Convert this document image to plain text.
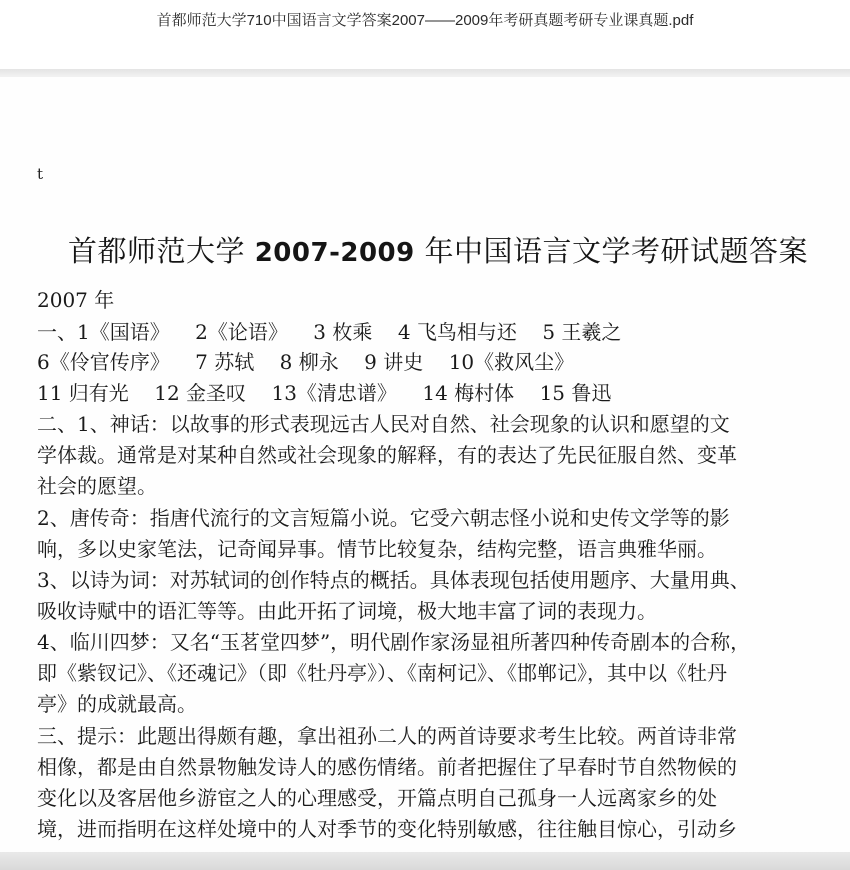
首都师范大学710中国语言文学答案2007——2009年考研真题考研专业课真题.pdf
t
首都师范大学 2007-2009 年中国语言文学考研试题答案
2007 年
一、1《国语》    2《论语》    3 枚乘    4 飞鸟相与还    5 王羲之
6《伶官传序》    7 苏轼    8 柳永    9 讲史    10《救风尘》
11 归有光    12 金圣叹    13《清忠谱》    14 梅村体    15 鲁迅
二、1、神话：以故事的形式表现远古人民对自然、社会现象的认识和愿望的文
学体裁。通常是对某种自然或社会现象的解释，有的表达了先民征服自然、变革
社会的愿望。
2、唐传奇：指唐代流行的文言短篇小说。它受六朝志怪小说和史传文学等的影
响，多以史家笔法，记奇闻异事。情节比较复杂，结构完整，语言典雅华丽。
3、以诗为词：对苏轼词的创作特点的概括。具体表现包括使用题序、大量用典、
吸收诗赋中的语汇等等。由此开拓了词境，极大地丰富了词的表现力。
4、临川四梦：又名“玉茗堂四梦”，明代剧作家汤显祖所著四种传奇剧本的合称，
即《紫钗记》、《还魂记》（即《牡丹亭》）、《南柯记》、《邯郸记》，其中以《牡丹
亭》的成就最高。
三、提示：此题出得颇有趣，拿出祖孙二人的两首诗要求考生比较。两首诗非常
相像，都是由自然景物触发诗人的感伤情绪。前者把握住了早春时节自然物候的
变化以及客居他乡游宦之人的心理感受，开篇点明自己孤身一人远离家乡的处
境，进而指明在这样处境中的人对季节的变化特别敏感，往往触目惊心，引动乡
